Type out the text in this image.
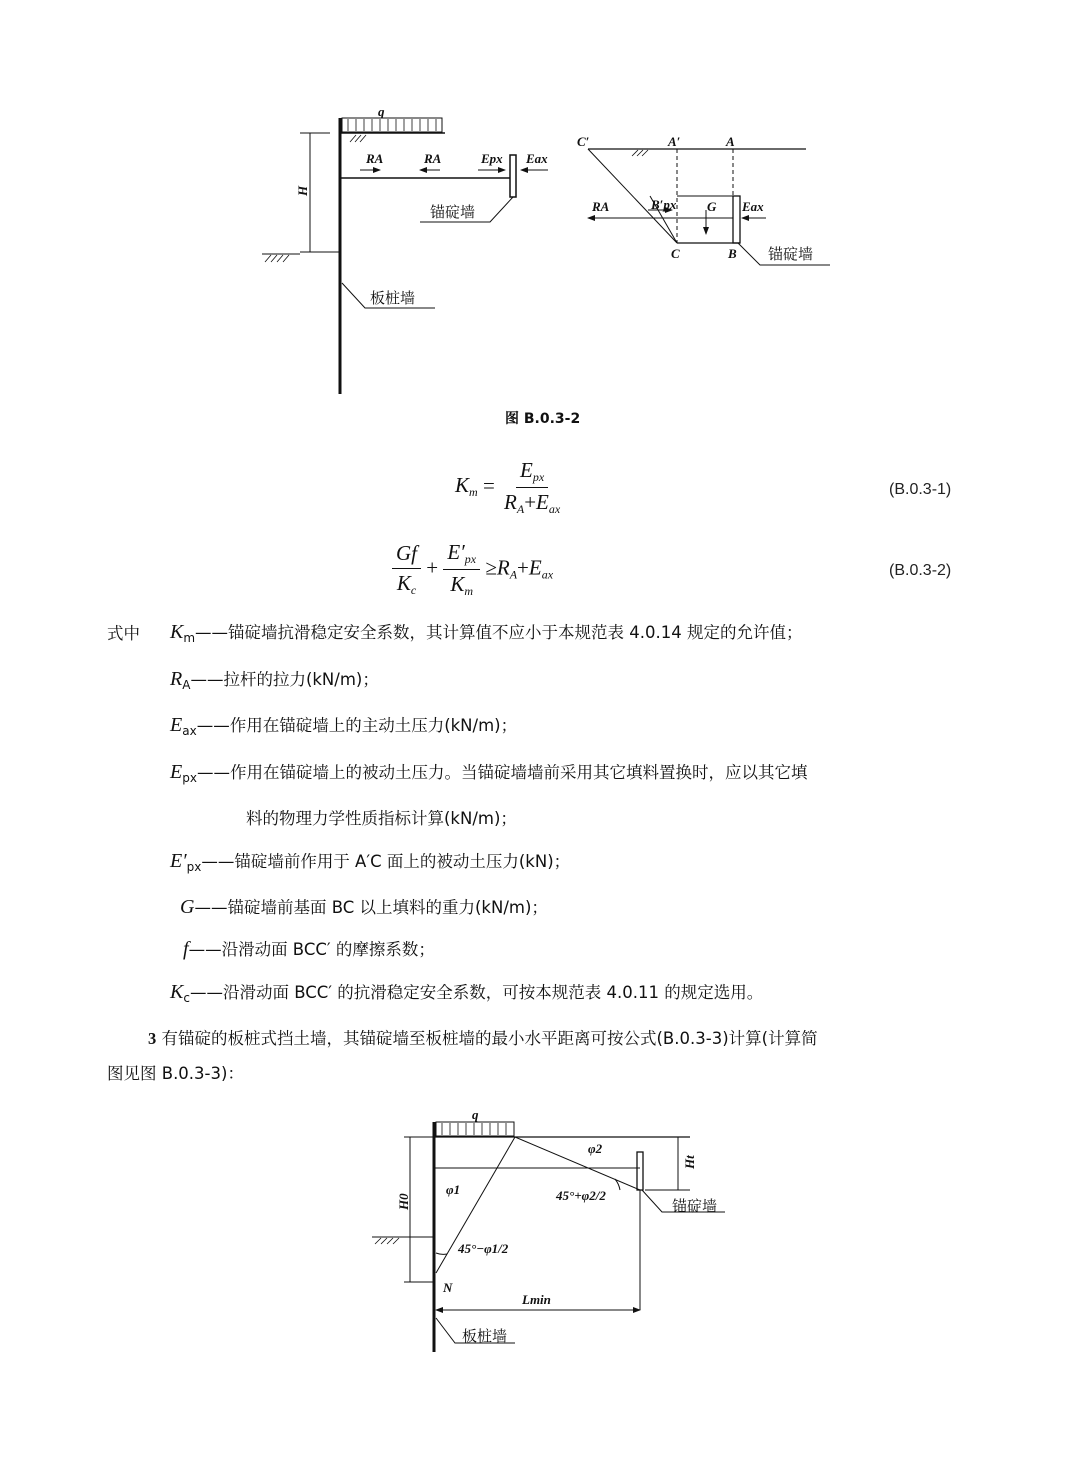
q
H
RA	RA	Epx Eax
锚碇墙
板桩墙
C′	A′	A
RA	B′px G Eax
C	B 锚碇墙
图 B.0.3-2
$K_m = \frac{E_{px}}{R_A+E_{ax}}$	(B.0.3-1)
$\frac{Gf}{K_c} + \frac{E'_{px}}{K_m} \ge R_A+E_{ax}$	(B.0.3-2)
式中 $K_m——$锚碇墙抗滑稳定安全系数，其计算值不应小于本规范表 4.0.14 规定的允许值；
$R_A——$拉杆的拉力(kN/m)；
$E_{ax}——$作用在锚碇墙上的主动土压力(kN/m)；
$E_{px}——$作用在锚碇墙上的被动土压力。当锚碇墙墙前采用其它填料置换时，应以其它填
料的物理力学性质指标计算(kN/m)；
$E'_{px}——$锚碇墙前作用于 A′C 面上的被动土压力(kN)；
G——锚碇墙前基面 BC 以上填料的重力(kN/m)；
f——沿滑动面 BCC′ 的摩擦系数；
$K_c——$沿滑动面 BCC′ 的抗滑稳定安全系数，可按本规范表 4.0.11 的规定选用。
3 有锚碇的板桩式挡土墙，其锚碇墙至板桩墙的最小水平距离可按公式(B.0.3-3)计算(计算简
图见图 B.0.3-3)：
q
φ2
Ht
H0
φ1	45°+φ2/2
锚碇墙
45°−φ1/2
N
Lmin
板桩墙
